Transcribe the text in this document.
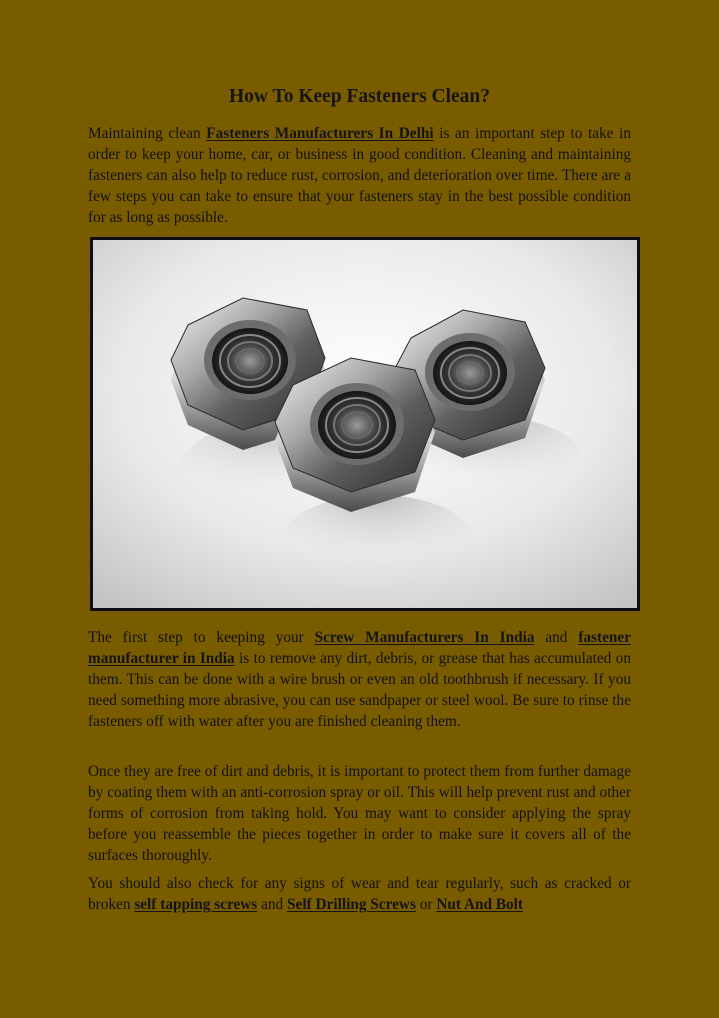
How To Keep Fasteners Clean?

Maintaining clean Fasteners Manufacturers In Delhi is an important step to take in order to keep your home, car, or business in good condition. Cleaning and maintaining fasteners can also help to reduce rust, corrosion, and deterioration over time. There are a few steps you can take to ensure that your fasteners stay in the best possible condition for as long as possible.

The first step to keeping your Screw Manufacturers In India and fastener manufacturer in India is to remove any dirt, debris, or grease that has accumulated on them. This can be done with a wire brush or even an old toothbrush if necessary. If you need something more abrasive, you can use sandpaper or steel wool. Be sure to rinse the fasteners off with water after you are finished cleaning them.

Once they are free of dirt and debris, it is important to protect them from further damage by coating them with an anti-corrosion spray or oil. This will help prevent rust and other forms of corrosion from taking hold. You may want to consider applying the spray before you reassemble the pieces together in order to make sure it covers all of the surfaces thoroughly.

You should also check for any signs of wear and tear regularly, such as cracked or broken self tapping screws and Self Drilling Screws or Nut And Bolt
